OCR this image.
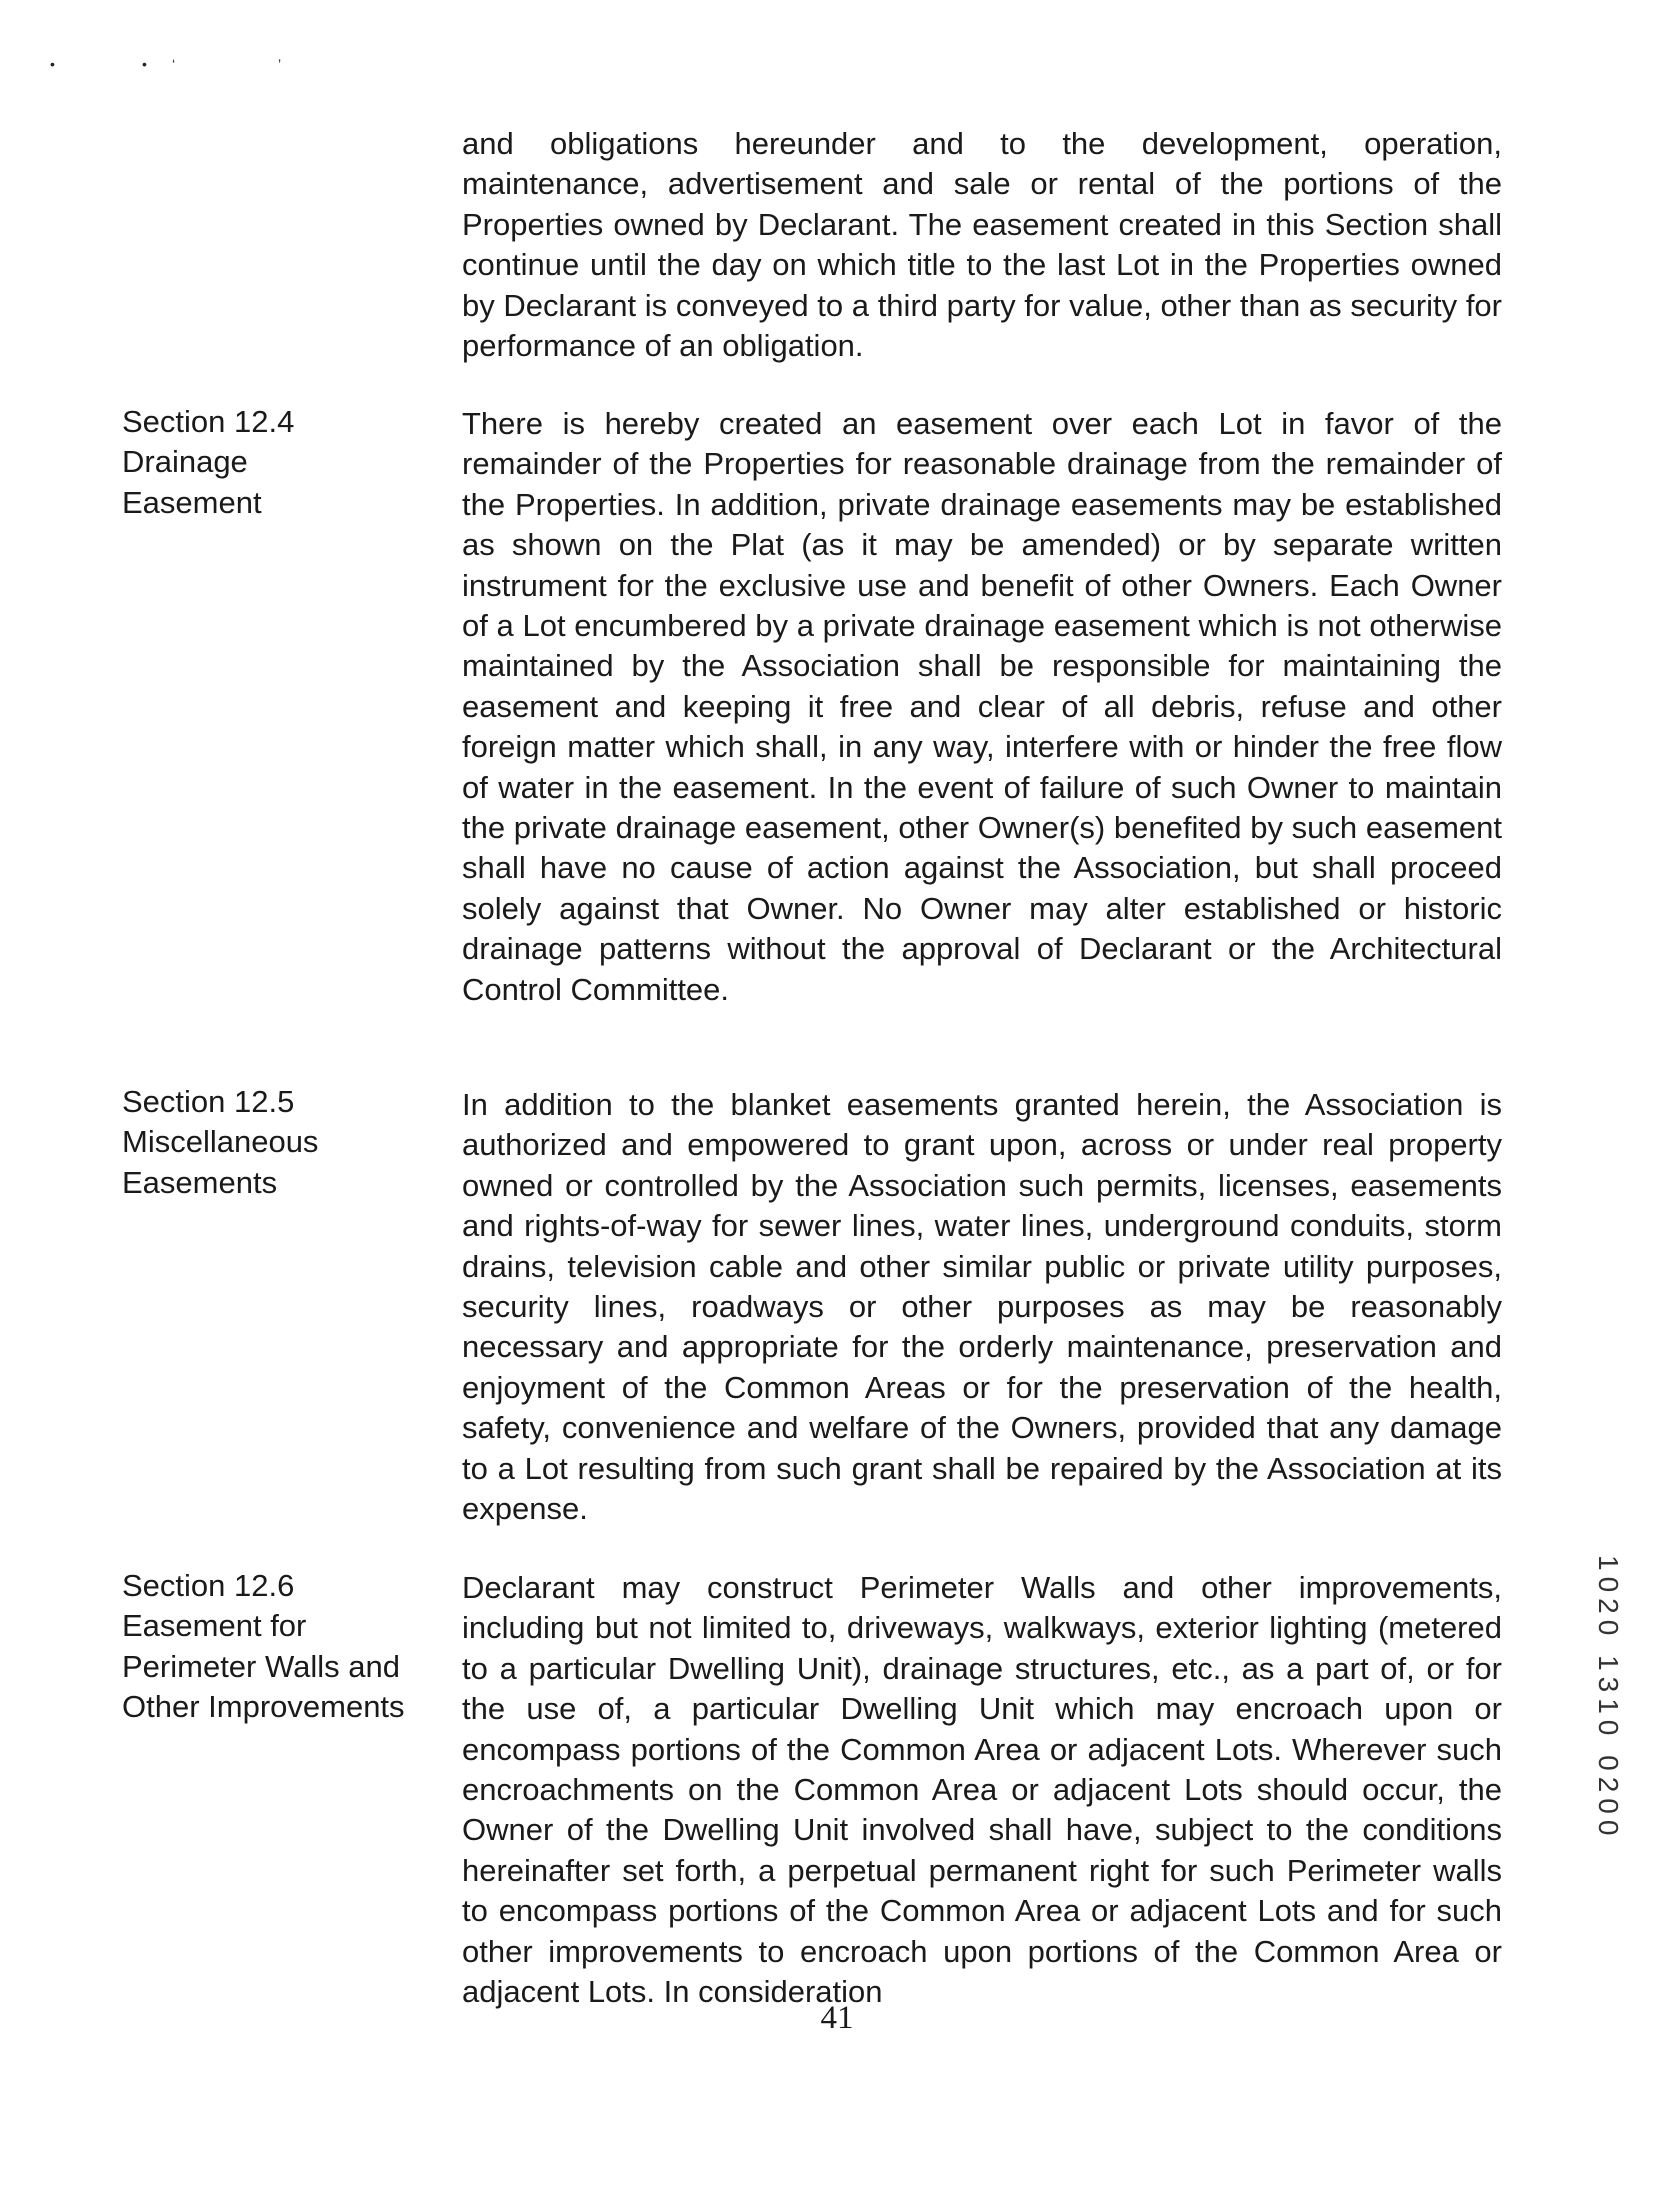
•	• ‘	’

and obligations hereunder and to the development, operation, maintenance, advertisement and sale or rental of the portions of the Properties owned by Declarant. The easement created in this Section shall continue until the day on which title to the last Lot in the Properties owned by Declarant is conveyed to a third party for value, other than as security for performance of an obligation.

Section 12.4
Drainage
Easement

There is hereby created an easement over each Lot in favor of the remainder of the Properties for reasonable drainage from the remainder of the Properties. In addition, private drainage easements may be established as shown on the Plat (as it may be amended) or by separate written instrument for the exclusive use and benefit of other Owners. Each Owner of a Lot encumbered by a private drainage easement which is not otherwise maintained by the Association shall be responsible for maintaining the easement and keeping it free and clear of all debris, refuse and other foreign matter which shall, in any way, interfere with or hinder the free flow of water in the easement. In the event of failure of such Owner to maintain the private drainage easement, other Owner(s) benefited by such easement shall have no cause of action against the Association, but shall proceed solely against that Owner. No Owner may alter established or historic drainage patterns without the approval of Declarant or the Architectural Control Committee.

Section 12.5
Miscellaneous
Easements

In addition to the blanket easements granted herein, the Association is authorized and empowered to grant upon, across or under real property owned or controlled by the Association such permits, licenses, easements and rights-of-way for sewer lines, water lines, underground conduits, storm drains, television cable and other similar public or private utility purposes, security lines, roadways or other purposes as may be reasonably necessary and appropriate for the orderly maintenance, preservation and enjoyment of the Common Areas or for the preservation of the health, safety, convenience and welfare of the Owners, provided that any damage to a Lot resulting from such grant shall be repaired by the Association at its expense.

Section 12.6
Easement for
Perimeter Walls and
Other Improvements

Declarant may construct Perimeter Walls and other improvements, including but not limited to, driveways, walkways, exterior lighting (metered to a particular Dwelling Unit), drainage structures, etc., as a part of, or for the use of, a particular Dwelling Unit which may encroach upon or encompass portions of the Common Area or adjacent Lots. Wherever such encroachments on the Common Area or adjacent Lots should occur, the Owner of the Dwelling Unit involved shall have, subject to the conditions hereinafter set forth, a perpetual permanent right for such Perimeter walls to encompass portions of the Common Area or adjacent Lots and for such other improvements to encroach upon portions of the Common Area or adjacent Lots. In consideration

1020 1310 0200
41
